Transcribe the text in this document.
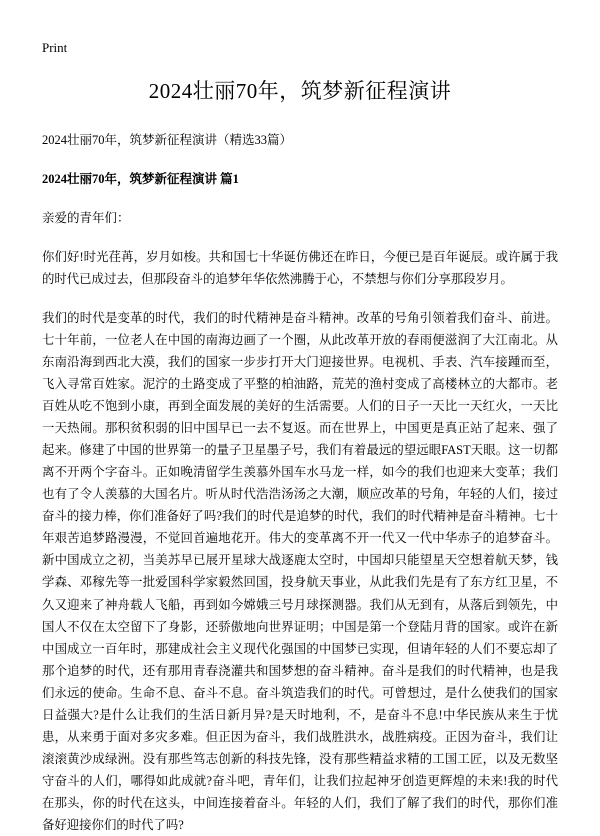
Print
2024壮丽70年，筑梦新征程演讲

2024壮丽70年，筑梦新征程演讲（精选33篇）

2024壮丽70年，筑梦新征程演讲 篇1

亲爱的青年们：

你们好!时光荏苒，岁月如梭。共和国七十华诞仿佛还在昨日，今便已是百年诞辰。或许属于我的时代已成过去，但那段奋斗的追梦年华依然沸腾于心，不禁想与你们分享那段岁月。

我们的时代是变革的时代，我们的时代精神是奋斗精神。改革的号角引领着我们奋斗、前进。七十年前，一位老人在中国的南海边画了一个圈，从此改革开放的春雨便滋润了大江南北。从东南沿海到西北大漠，我们的国家一步步打开大门迎接世界。电视机、手表、汽车接踵而至，飞入寻常百姓家。泥泞的土路变成了平整的柏油路，荒芜的渔村变成了高楼林立的大都市。老百姓从吃不饱到小康，再到全面发展的美好的生活需要。人们的日子一天比一天红火，一天比一天热闹。那积贫积弱的旧中国早已一去不复返。而在世界上，中国更是真正站了起来、强了起来。修建了中国的世界第一的量子卫星墨子号，我们有着最远的望远眼FAST天眼。这一切都离不开两个字奋斗。正如晚清留学生羡慕外国车水马龙一样，如今的我们也迎来大变革；我们也有了令人羡慕的大国名片。听从时代浩浩汤汤之大潮，顺应改革的号角，年轻的人们，接过奋斗的接力棒，你们准备好了吗?我们的时代是追梦的时代，我们的时代精神是奋斗精神。七十年艰苦追梦路漫漫，不觉回首遍地花开。伟大的变革离不开一代又一代中华赤子的追梦奋斗。新中国成立之初，当美苏早已展开星球大战逐鹿太空时，中国却只能望星天空想着航天梦，钱学森、邓稼先等一批爱国科学家毅然回国，投身航天事业，从此我们先是有了东方红卫星，不久又迎来了神舟载人飞船，再到如今嫦娥三号月球探测器。我们从无到有，从落后到领先，中国人不仅在太空留下了身影，还骄傲地向世界证明；中国是第一个登陆月背的国家。或许在新中国成立一百年时，那建成社会主义现代化强国的中国梦已实现，但请年轻的人们不要忘却了那个追梦的时代，还有那用青春浇灌共和国梦想的奋斗精神。奋斗是我们的时代精神，也是我们永远的使命。生命不息、奋斗不息。奋斗筑造我们的时代。可曾想过，是什么使我们的国家日益强大?是什么让我们的生活日新月异?是天时地利，不，是奋斗不息!中华民族从来生于忧患，从来勇于面对多灾多难。但正因为奋斗，我们战胜洪水，战胜病疫。正因为奋斗，我们让滚滚黄沙成绿洲。没有那些笃志创新的科技先锋，没有那些精益求精的工国工匠，以及无数坚守奋斗的人们，哪得如此成就?奋斗吧，青年们，让我们拉起神牙创造更辉煌的未来!我的时代在那头，你的时代在这头，中间连接着奋斗。年轻的人们，我们了解了我们的时代，那你们准备好迎接你们的时代了吗?
